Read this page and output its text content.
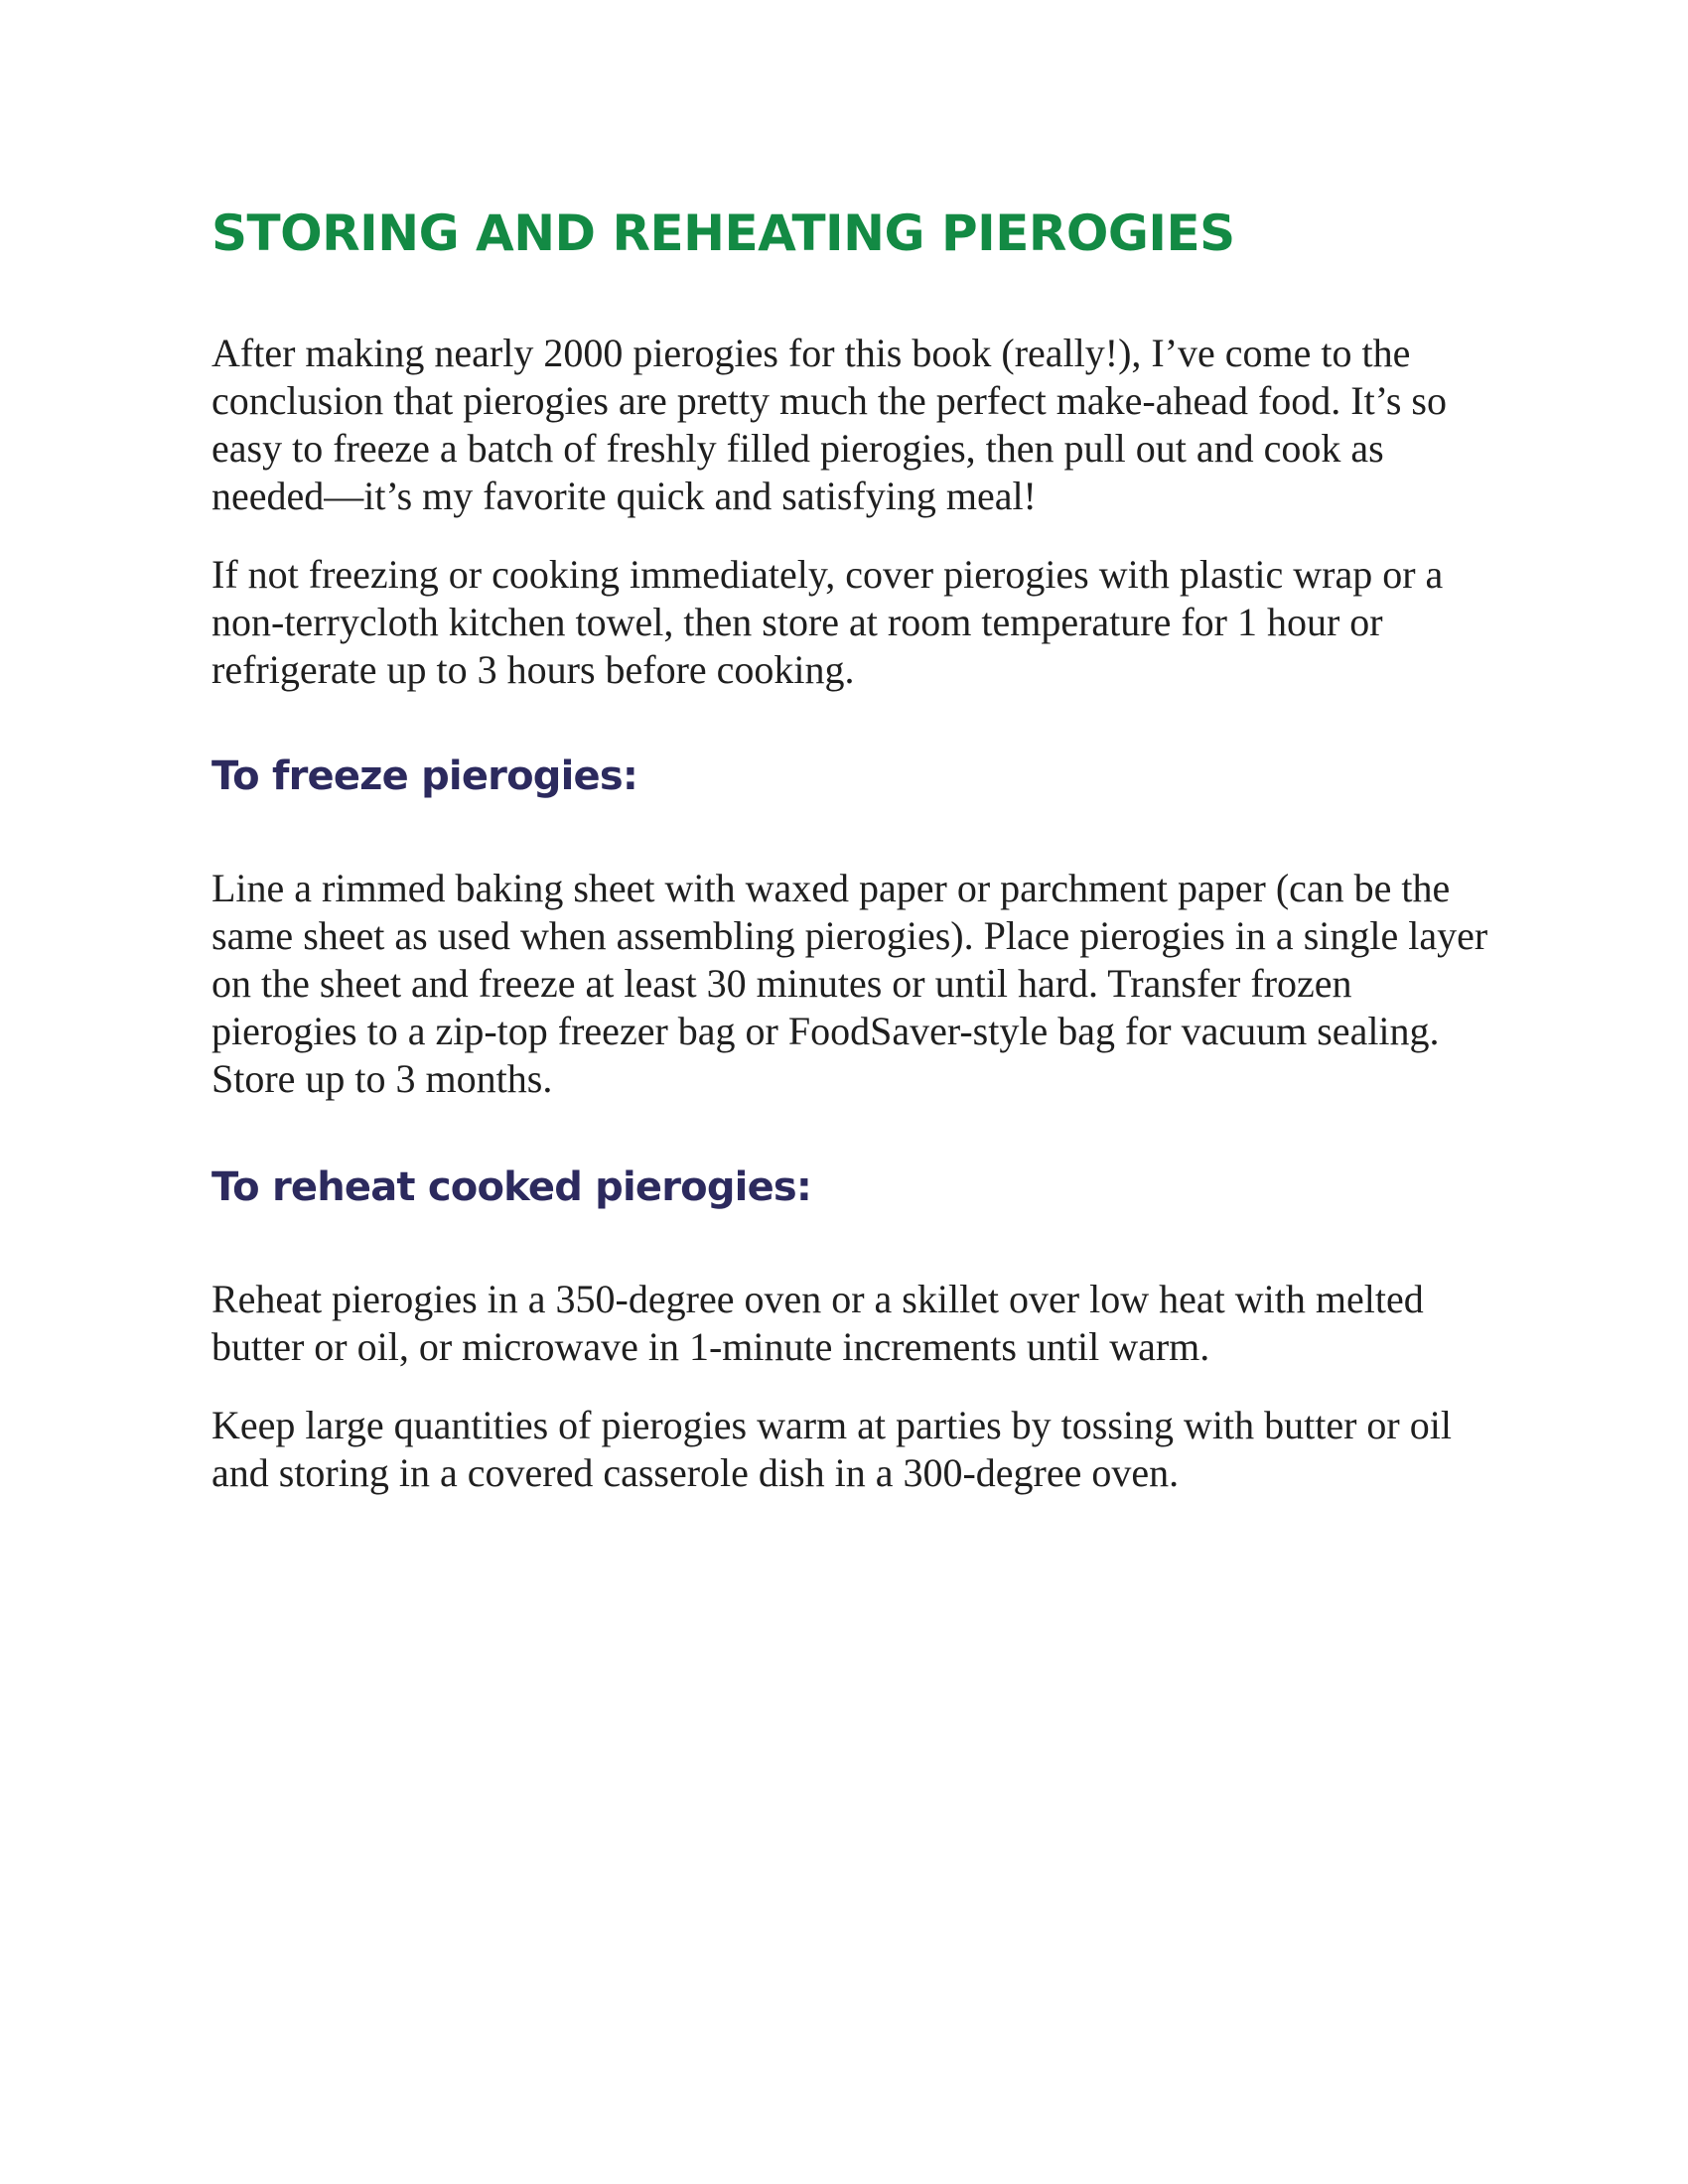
STORING AND REHEATING PIEROGIES

After making nearly 2000 pierogies for this book (really!), I’ve come to the conclusion that pierogies are pretty much the perfect make-ahead food. It’s so easy to freeze a batch of freshly filled pierogies, then pull out and cook as needed—it’s my favorite quick and satisfying meal!

If not freezing or cooking immediately, cover pierogies with plastic wrap or a non-terrycloth kitchen towel, then store at room temperature for 1 hour or refrigerate up to 3 hours before cooking.

To freeze pierogies:

Line a rimmed baking sheet with waxed paper or parchment paper (can be the same sheet as used when assembling pierogies). Place pierogies in a single layer on the sheet and freeze at least 30 minutes or until hard. Transfer frozen pierogies to a zip-top freezer bag or FoodSaver-style bag for vacuum sealing. Store up to 3 months.

To reheat cooked pierogies:

Reheat pierogies in a 350-degree oven or a skillet over low heat with melted butter or oil, or microwave in 1-minute increments until warm.

Keep large quantities of pierogies warm at parties by tossing with butter or oil and storing in a covered casserole dish in a 300-degree oven.
